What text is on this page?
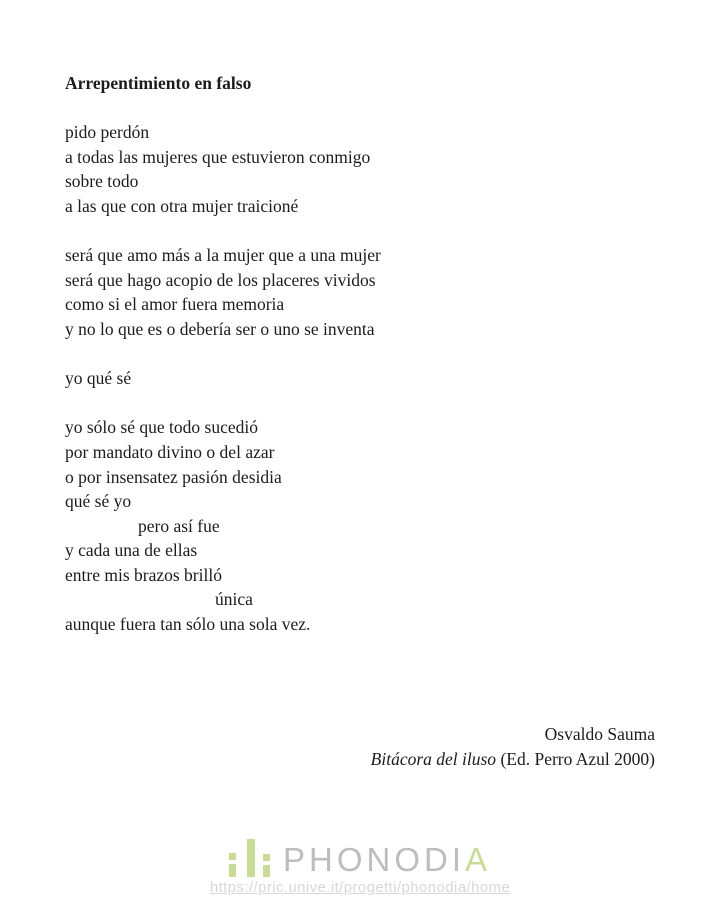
Arrepentimiento en falso
pido perdón
a todas las mujeres que estuvieron conmigo
sobre todo
a las que con otra mujer traicioné
será que amo más a la mujer que a una mujer
será que hago acopio de los placeres vividos
como si el amor fuera memoria
y no lo que es o debería ser o uno se inventa
yo qué sé
yo sólo sé que todo sucedió
por mandato divino o del azar
o por insensatez pasión desidia
qué sé yo
pero así fue
y cada una de ellas
entre mis brazos brilló
única
aunque fuera tan sólo una sola vez.
Osvaldo Sauma
Bitácora del iluso (Ed. Perro Azul 2000)
PHONODIA
https://pric.unive.it/progetti/phonodia/home
